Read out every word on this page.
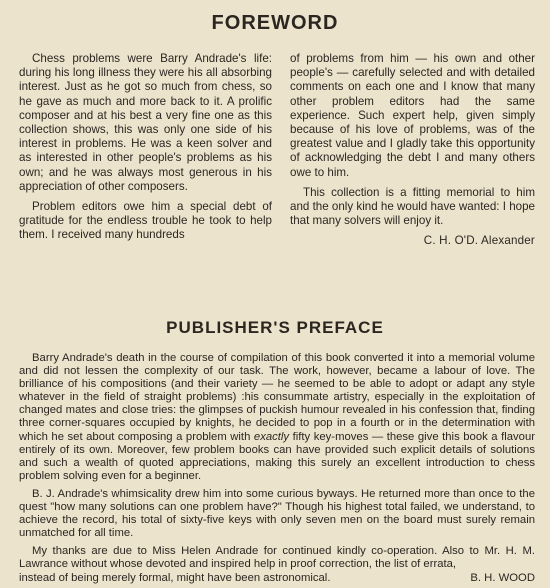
FOREWORD

Chess problems were Barry Andrade's life: during his long illness they were his all absorbing interest. Just as he got so much from chess, so he gave as much and more back to it. A prolific composer and at his best a very fine one as this collection shows, this was only one side of his interest in problems. He was a keen solver and as interested in other people's problems as his own; and he was always most generous in his appreciation of other composers.

Problem editors owe him a special debt of gratitude for the endless trouble he took to help them. I received many hundreds

of problems from him — his own and other people's — carefully selected and with detailed comments on each one and I know that many other problem editors had the same experience. Such expert help, given simply because of his love of problems, was of the greatest value and I gladly take this opportunity of acknowledging the debt I and many others owe to him.

This collection is a fitting memorial to him and the only kind he would have wanted: I hope that many solvers will enjoy it.

C. H. O'D. Alexander
PUBLISHER'S PREFACE

Barry Andrade's death in the course of compilation of this book converted it into a memorial volume and did not lessen the complexity of our task. The work, however, became a labour of love. The brilliance of his compositions (and their variety — he seemed to be able to adopt or adapt any style whatever in the field of straight problems) :his consummate artistry, especially in the exploitation of changed mates and close tries: the glimpses of puckish humour revealed in his confession that, finding three corner-squares occupied by knights, he decided to pop in a fourth or in the determination with which he set about composing a problem with exactly fifty key-moves — these give this book a flavour entirely of its own. Moreover, few problem books can have provided such explicit details of solutions and such a wealth of quoted appreciations, making this surely an excellent introduction to chess problem solving even for a beginner.

B. J. Andrade's whimsicality drew him into some curious byways. He returned more than once to the quest "how many solutions can one problem have?" Though his highest total failed, we understand, to achieve the record, his total of sixty-five keys with only seven men on the board must surely remain unmatched for all time.

My thanks are due to Miss Helen Andrade for continued kindly co-operation. Also to Mr. H. M. Lawrance without whose devoted and inspired help in proof correction, the list of errata,

instead of being merely formal, might have been astronomical.	B. H. WOOD
